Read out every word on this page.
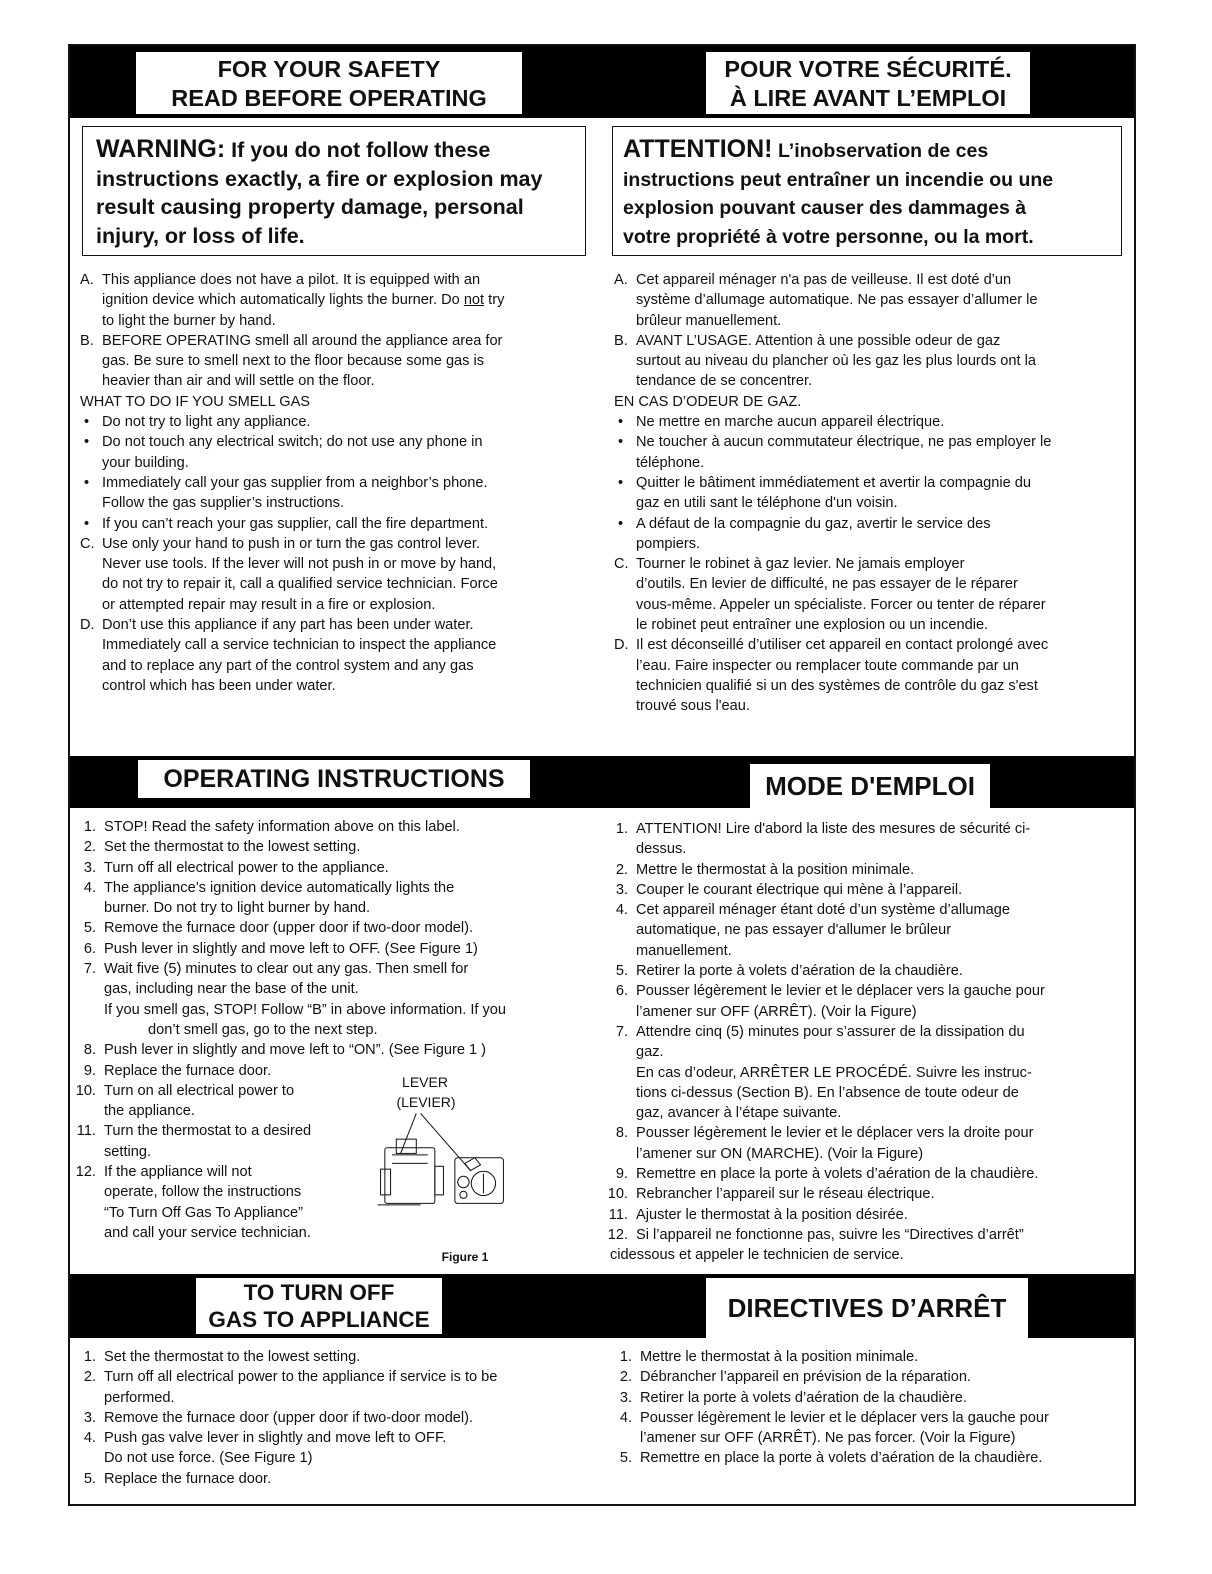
FOR YOUR SAFETY
READ BEFORE OPERATING
POUR VOTRE SÉCURITÉ.
À LIRE AVANT L’EMPLOI
WARNING: If you do not follow these
instructions exactly, a fire or explosion may
result causing property damage, personal
injury, or loss of life.
ATTENTION! L’inobservation de ces
instructions peut entraîner un incendie ou une
explosion pouvant causer des dammages à
votre propriété à votre personne, ou la mort.
A. This appliance does not have a pilot. It is equipped with an
ignition device which automatically lights the burner. Do not try
to light the burner by hand.
B. BEFORE OPERATING smell all around the appliance area for
gas. Be sure to smell next to the floor because some gas is
heavier than air and will settle on the floor.
WHAT TO DO IF YOU SMELL GAS
• Do not try to light any appliance.
• Do not touch any electrical switch; do not use any phone in
your building.
• Immediately call your gas supplier from a neighbor’s phone.
Follow the gas supplier’s instructions.
• If you can’t reach your gas supplier, call the fire department.
C. Use only your hand to push in or turn the gas control lever.
Never use tools. If the lever will not push in or move by hand,
do not try to repair it, call a qualified service technician. Force
or attempted repair may result in a fire or explosion.
D. Don’t use this appliance if any part has been under water.
Immediately call a service technician to inspect the appliance
and to replace any part of the control system and any gas
control which has been under water.
A. Cet appareil ménager n'a pas de veilleuse. Il est doté d’un
système d’allumage automatique. Ne pas essayer d’allumer le
brûleur manuellement.
B. AVANT L’USAGE. Attention à une possible odeur de gaz
surtout au niveau du plancher où les gaz les plus lourds ont la
tendance de se concentrer.
EN CAS D’ODEUR DE GAZ.
• Ne mettre en marche aucun appareil électrique.
• Ne toucher à aucun commutateur électrique, ne pas employer le
téléphone.
• Quitter le bâtiment immédiatement et avertir la compagnie du
gaz en utili sant le téléphone d'un voisin.
• A défaut de la compagnie du gaz, avertir le service des
pompiers.
C. Tourner le robinet à gaz levier. Ne jamais employer
d’outils. En levier de difficulté, ne pas essayer de le réparer
vous-même. Appeler un spécialiste. Forcer ou tenter de réparer
le robinet peut entraîner une explosion ou un incendie.
D. Il est déconseillé d’utiliser cet appareil en contact prolongé avec
l’eau. Faire inspecter ou remplacer toute commande par un
technicien qualifié si un des systèmes de contrôle du gaz s'est
trouvé sous l'eau.
OPERATING INSTRUCTIONS	MODE D'EMPLOI
1. STOP! Read the safety information above on this label.
2. Set the thermostat to the lowest setting.
3. Turn off all electrical power to the appliance.
4. The appliance’s ignition device automatically lights the
burner. Do not try to light burner by hand.
5. Remove the furnace door (upper door if two-door model).
6. Push lever in slightly and move left to OFF. (See Figure 1)
7. Wait five (5) minutes to clear out any gas. Then smell for
gas, including near the base of the unit.
If you smell gas, STOP! Follow “B” in above information. If you
don’t smell gas, go to the next step.
8. Push lever in slightly and move left to “ON”. (See Figure 1 )
9. Replace the furnace door.
10. Turn on all electrical power to
the appliance.
11. Turn the thermostat to a desired
setting.
12. If the appliance will not
operate, follow the instructions
“To Turn Off Gas To Appliance”
and call your service technician.
LEVER
(LEVIER)
Figure 1
1. ATTENTION! Lire d'abord la liste des mesures de sécurité ci-
dessus.
2. Mettre le thermostat à la position minimale.
3. Couper le courant électrique qui mène à l’appareil.
4. Cet appareil ménager étant doté d’un système d’allumage
automatique, ne pas essayer d'allumer le brûleur
manuellement.
5. Retirer la porte à volets d’aération de la chaudière.
6. Pousser légèrement le levier et le déplacer vers la gauche pour
l’amener sur OFF (ARRÊT). (Voir la Figure)
7. Attendre cinq (5) minutes pour s’assurer de la dissipation du
gaz.
En cas d’odeur, ARRÊTER LE PROCÉDÉ. Suivre les instruc-
tions ci-dessus (Section B). En l’absence de toute odeur de
gaz, avancer à l’étape suivante.
8. Pousser légèrement le levier et le déplacer vers la droite pour
l’amener sur ON (MARCHE). (Voir la Figure)
9. Remettre en place la porte à volets d’aération de la chaudière.
10. Rebrancher l’appareil sur le réseau électrique.
11. Ajuster le thermostat à la position désirée.
12. Si l’appareil ne fonctionne pas, suivre les “Directives d’arrêt”
cidessous et appeler le technicien de service.
TO TURN OFF
GAS TO APPLIANCE	DIRECTIVES D’ARRÊT
1. Set the thermostat to the lowest setting.
2. Turn off all electrical power to the appliance if service is to be
performed.
3. Remove the furnace door (upper door if two-door model).
4. Push gas valve lever in slightly and move left to OFF.
Do not use force. (See Figure 1)
5. Replace the furnace door.
1. Mettre le thermostat à la position minimale.
2. Débrancher l’appareil en prévision de la réparation.
3. Retirer la porte à volets d’aération de la chaudière.
4. Pousser légèrement le levier et le déplacer vers la gauche pour
l’amener sur OFF (ARRÊT). Ne pas forcer. (Voir la Figure)
5. Remettre en place la porte à volets d’aération de la chaudière.
